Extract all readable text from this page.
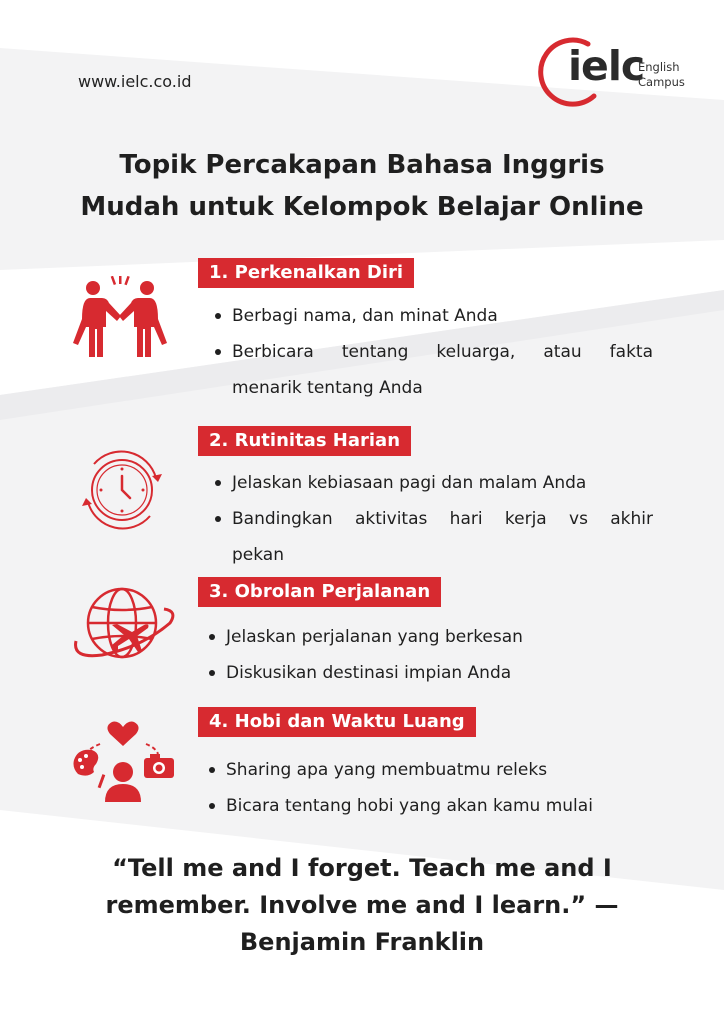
www.ielc.co.id	ielc
English
Campus
Topik Percakapan Bahasa Inggris
Mudah untuk Kelompok Belajar Online
1. Perkenalkan Diri
Berbagi nama, dan minat Anda
Berbicara tentang keluarga, atau fakta
menarik tentang Anda
2. Rutinitas Harian
Jelaskan kebiasaan pagi dan malam Anda
Bandingkan aktivitas hari kerja vs akhir
pekan
3. Obrolan Perjalanan
Jelaskan perjalanan yang berkesan
Diskusikan destinasi impian Anda
4. Hobi dan Waktu Luang
Sharing apa yang membuatmu releks
Bicara tentang hobi yang akan kamu mulai
“Tell me and I forget. Teach me and I
remember. Involve me and I learn.” —
Benjamin Franklin
